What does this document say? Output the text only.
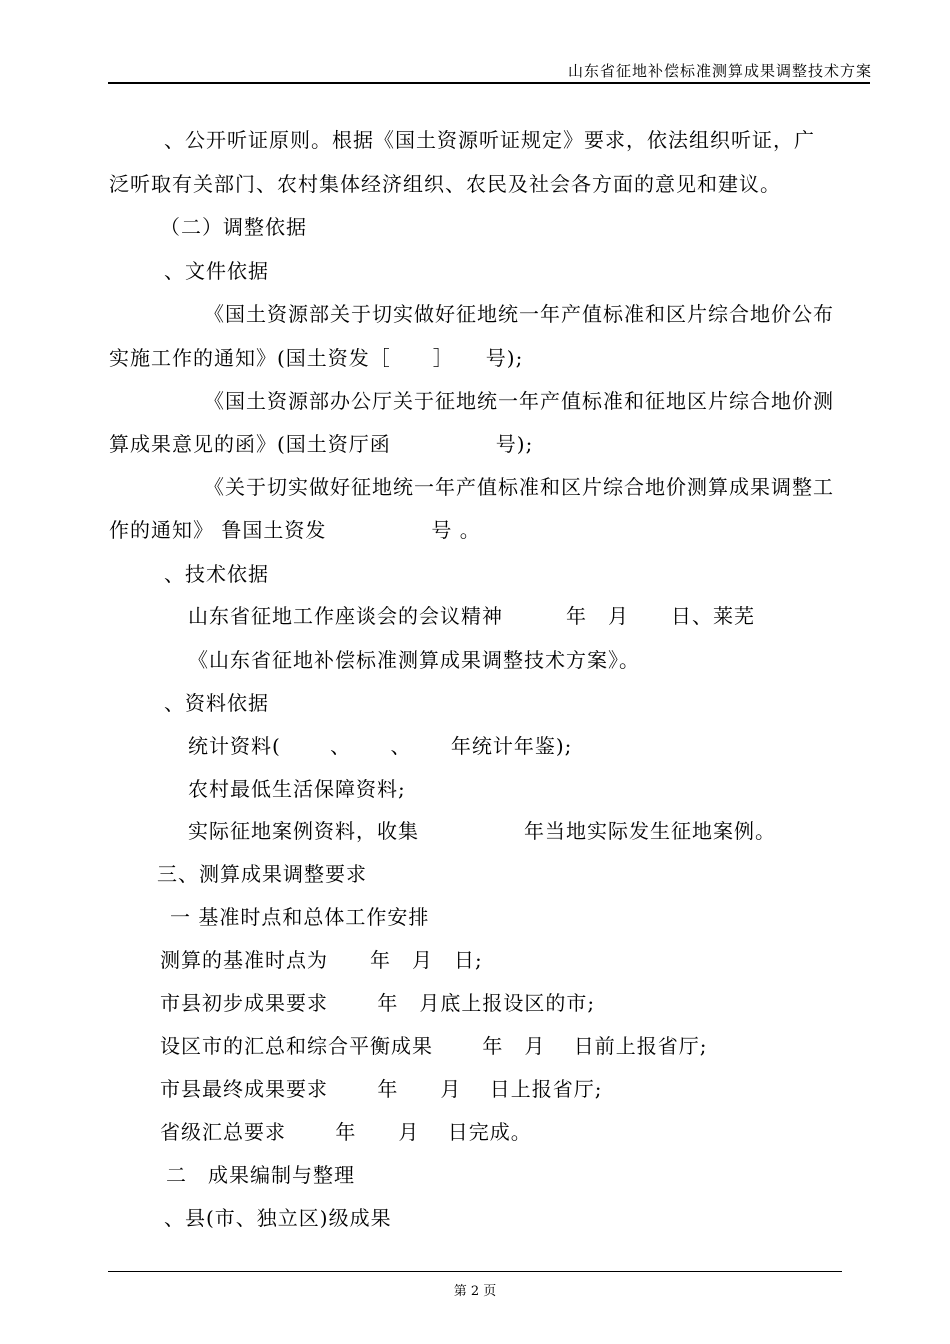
山东省征地补偿标准测算成果调整技术方案
、公开听证原则。根据《国土资源听证规定》要求，依法组织听证，广
泛听取有关部门、农村集体经济组织、农民及社会各方面的意见和建议。
（二）调整依据
、文件依据
《国土资源部关于切实做好征地统一年产值标准和区片综合地价公布
实施工作的通知》(国土资发［　　］　　号);
《国土资源部办公厅关于征地统一年产值标准和征地区片综合地价测
算成果意见的函》(国土资厅函　　　　　号);
《关于切实做好征地统一年产值标准和区片综合地价测算成果调整工
作的通知》 鲁国土资发　　　　　号 。
、技术依据
山东省征地工作座谈会的会议精神　　　年　月　　日、莱芜
《山东省征地补偿标准测算成果调整技术方案》。
、资料依据
统计资料(　　 、　　 、　　 年统计年鉴);
农村最低生活保障资料;
实际征地案例资料，收集　　　　　年当地实际发生征地案例。
三、测算成果调整要求
一 基准时点和总体工作安排
测算的基准时点为　　年　月　日;
市县初步成果要求　　 年　月底上报设区的市;
设区市的汇总和综合平衡成果　　 年　月　 日前上报省厅;
市县最终成果要求　　 年　　月　 日上报省厅;
省级汇总要求　　 年　　月　 日完成。
二　成果编制与整理
、县(市、独立区)级成果
第 2 页
